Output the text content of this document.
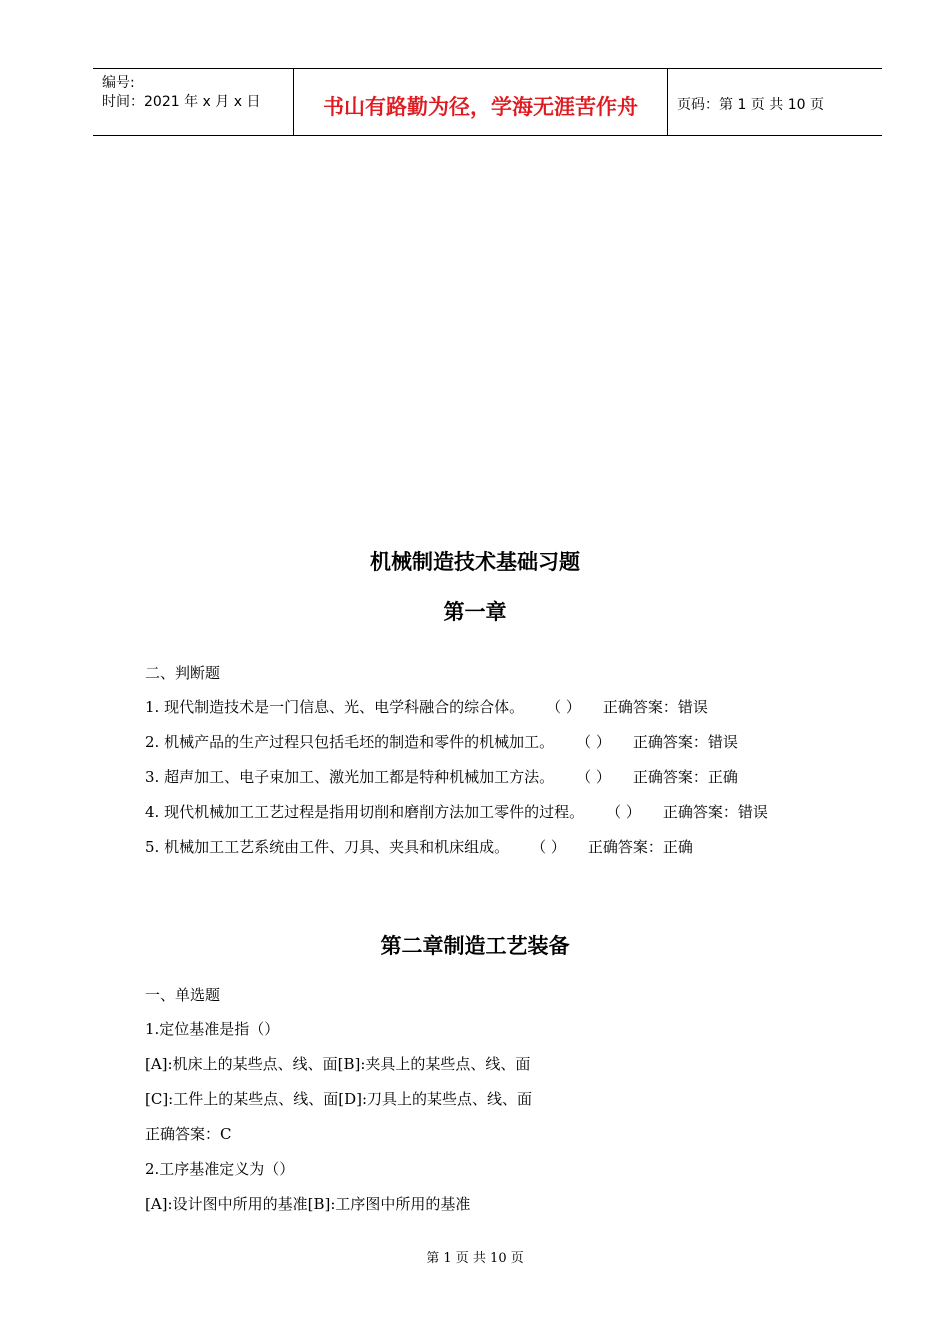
编号:
时间：2021 年 x 月 x 日	书山有路勤为径，学海无涯苦作舟	页码：第 1 页 共 10 页
机械制造技术基础习题
第一章
二、判断题
1. 现代制造技术是一门信息、光、电学科融合的综合体。 （ ） 正确答案：错误
2. 机械产品的生产过程只包括毛坯的制造和零件的机械加工。 （ ） 正确答案：错误
3. 超声加工、电子束加工、激光加工都是特种机械加工方法。 （ ） 正确答案：正确
4. 现代机械加工工艺过程是指用切削和磨削方法加工零件的过程。 （ ） 正确答案：错误
5. 机械加工工艺系统由工件、刀具、夹具和机床组成。 （ ） 正确答案：正确
第二章制造工艺装备
一、单选题
1.定位基准是指（）
[A]:机床上的某些点、线、面[B]:夹具上的某些点、线、面
[C]:工件上的某些点、线、面[D]:刀具上的某些点、线、面
正确答案：C
2.工序基准定义为（）
[A]:设计图中所用的基准[B]:工序图中所用的基准
第 1 页 共 10 页
